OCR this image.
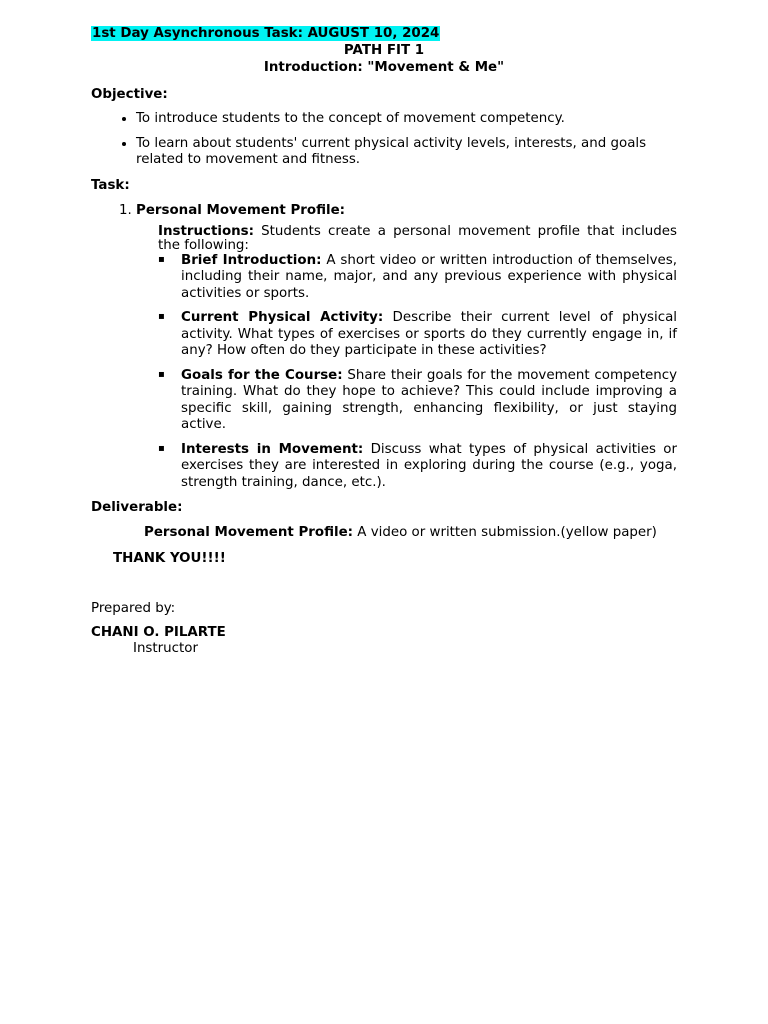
1st Day Asynchronous Task: AUGUST 10, 2024

PATH FIT 1

Introduction: "Movement & Me"

Objective:

• To introduce students to the concept of movement competency.
• To learn about students' current physical activity levels, interests, and goals related to movement and fitness.

Task:

1. Personal Movement Profile:
Instructions: Students create a personal movement profile that includes the following:
▪ Brief Introduction: A short video or written introduction of themselves, including their name, major, and any previous experience with physical activities or sports.
▪ Current Physical Activity: Describe their current level of physical activity. What types of exercises or sports do they currently engage in, if any? How often do they participate in these activities?
▪ Goals for the Course: Share their goals for the movement competency training. What do they hope to achieve? This could include improving a specific skill, gaining strength, enhancing flexibility, or just staying active.
▪ Interests in Movement: Discuss what types of physical activities or exercises they are interested in exploring during the course (e.g., yoga, strength training, dance, etc.).

Deliverable:

Personal Movement Profile: A video or written submission.(yellow paper)

THANK YOU!!!!

Prepared by:

CHANI O. PILARTE

Instructor
